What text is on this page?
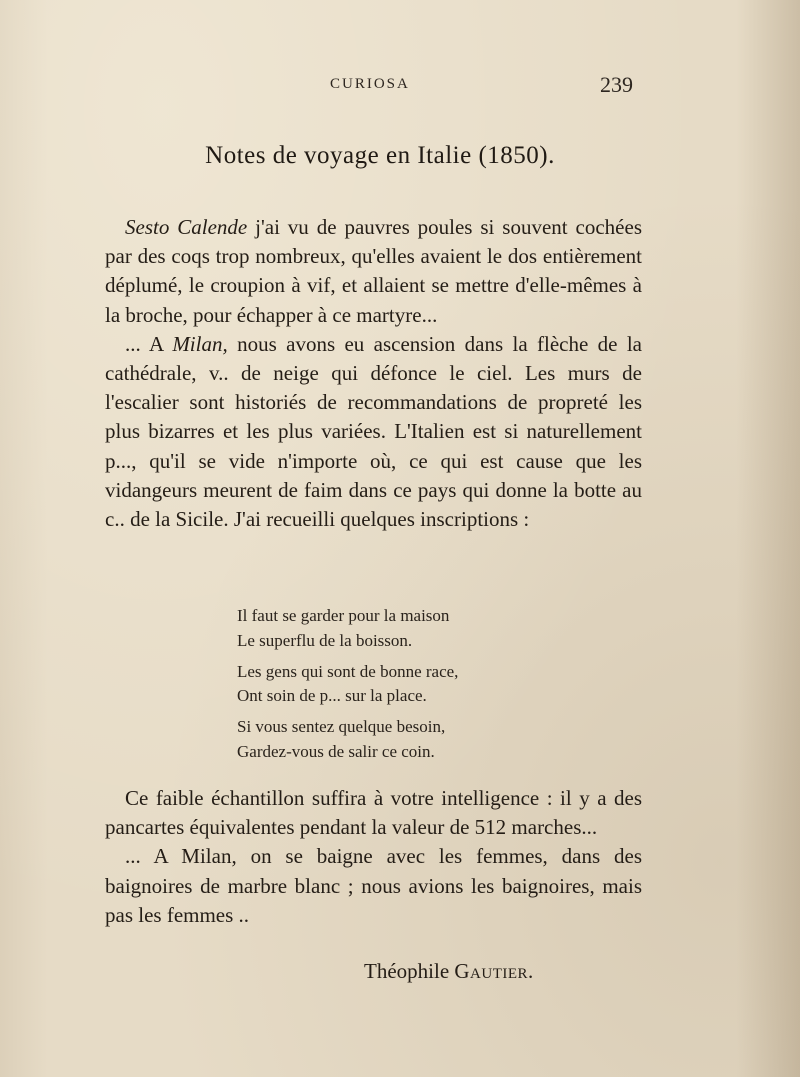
CURIOSA	239
Notes de voyage en Italie (1850).

Sesto Calende j'ai vu de pauvres poules si souvent cochées par des coqs trop nombreux, qu'elles avaient le dos entièrement déplumé, le croupion à vif, et allaient se mettre d'elle-mêmes à la broche, pour échapper à ce martyre...

... A Milan, nous avons eu ascension dans la flèche de la cathédrale, v.. de neige qui défonce le ciel. Les murs de l'escalier sont historiés de recommandations de propreté les plus bizarres et les plus variées. L'Italien est si naturellement p..., qu'il se vide n'importe où, ce qui est cause que les vidangeurs meurent de faim dans ce pays qui donne la botte au c.. de la Sicile. J'ai recueilli quelques inscriptions :

Il faut se garder pour la maison
Le superflu de la boisson.
Les gens qui sont de bonne race,
Ont soin de p... sur la place.
Si vous sentez quelque besoin,
Gardez-vous de salir ce coin.

Ce faible échantillon suffira à votre intelligence : il y a des pancartes équivalentes pendant la valeur de 512 marches...

... A Milan, on se baigne avec les femmes, dans des baignoires de marbre blanc ; nous avions les baignoires, mais pas les femmes ..

Théophile Gautier.
